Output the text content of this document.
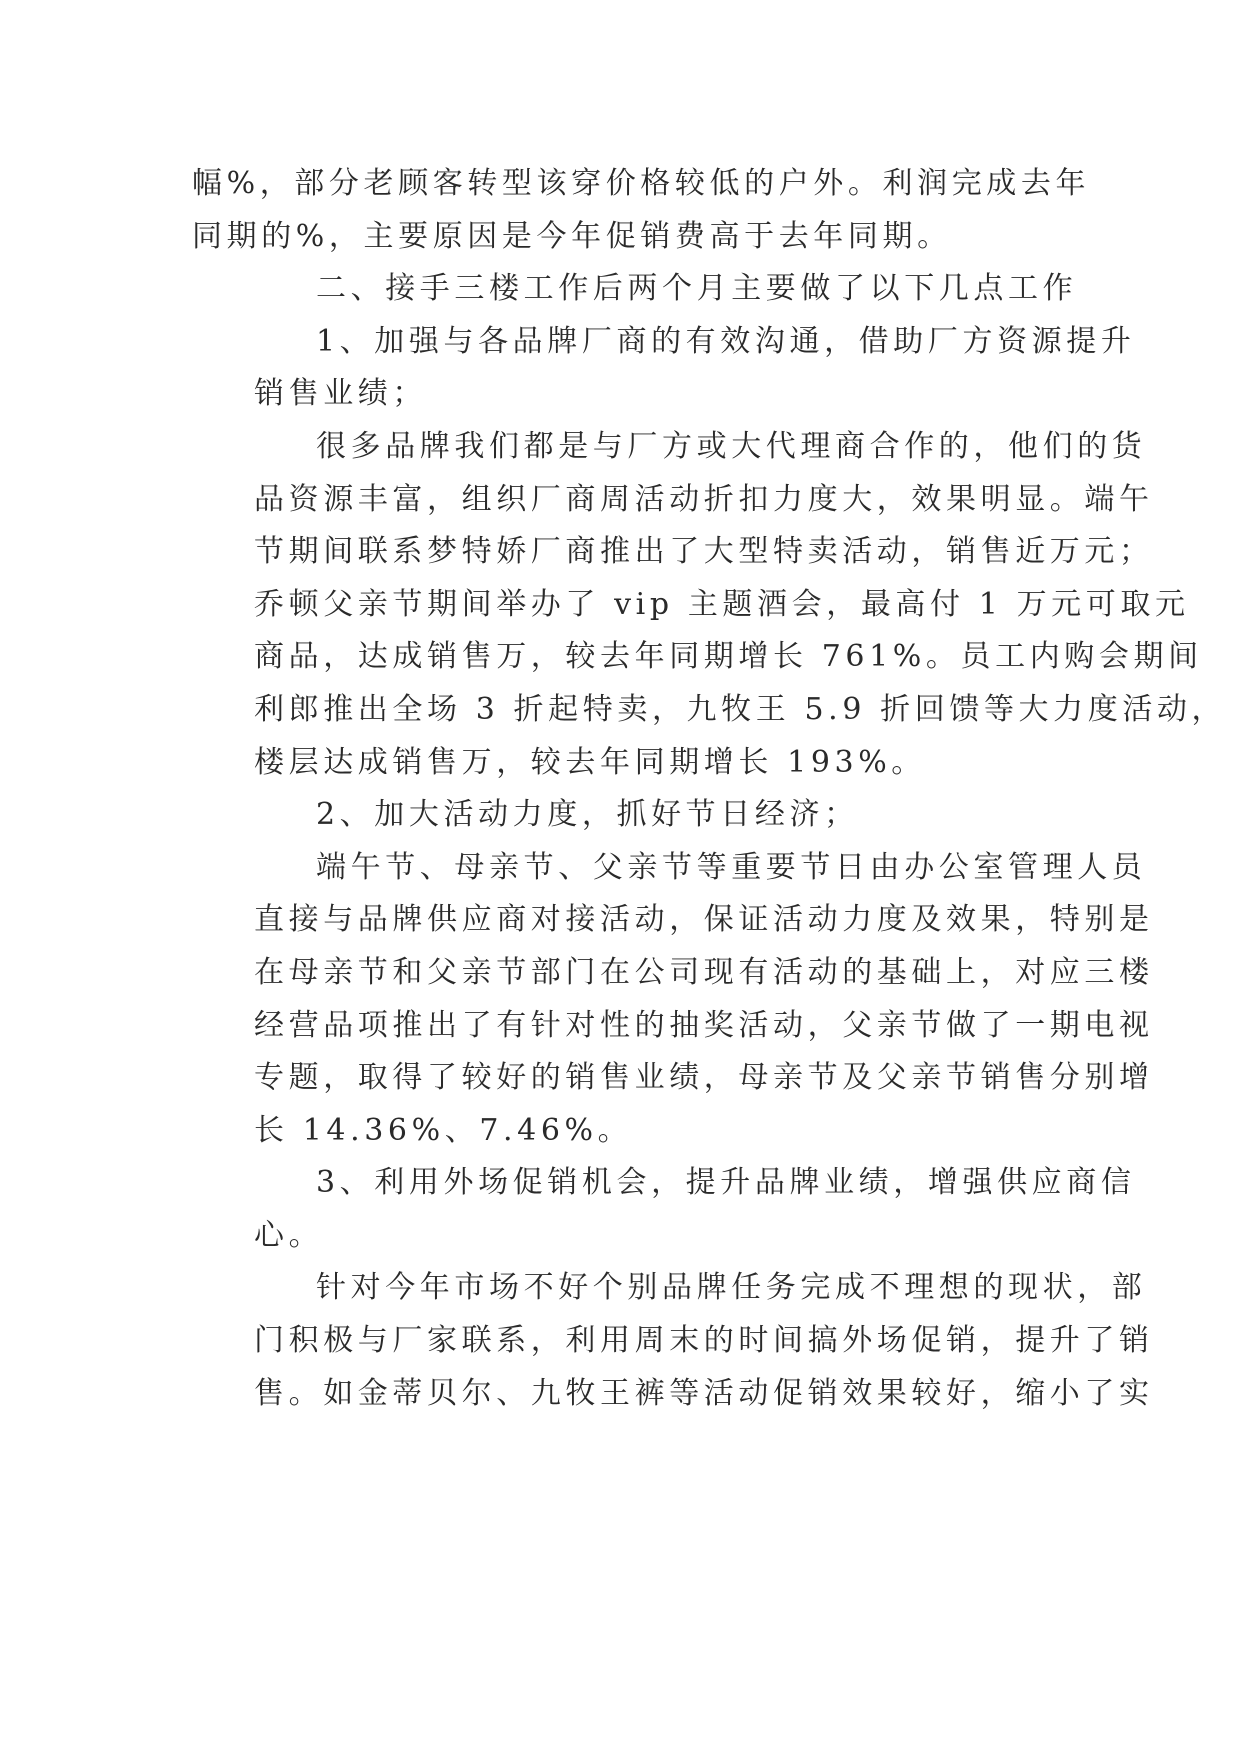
幅%，部分老顾客转型该穿价格较低的户外。利润完成去年
同期的%，主要原因是今年促销费高于去年同期。
二、接手三楼工作后两个月主要做了以下几点工作
1、加强与各品牌厂商的有效沟通，借助厂方资源提升
销售业绩；
很多品牌我们都是与厂方或大代理商合作的，他们的货
品资源丰富，组织厂商周活动折扣力度大，效果明显。端午
节期间联系梦特娇厂商推出了大型特卖活动，销售近万元；
乔顿父亲节期间举办了 vip 主题酒会，最高付 1 万元可取元
商品，达成销售万，较去年同期增长 761%。员工内购会期间
利郎推出全场 3 折起特卖，九牧王 5.9 折回馈等大力度活动，
楼层达成销售万，较去年同期增长 193%。
2、加大活动力度，抓好节日经济；
端午节、母亲节、父亲节等重要节日由办公室管理人员
直接与品牌供应商对接活动，保证活动力度及效果，特别是
在母亲节和父亲节部门在公司现有活动的基础上，对应三楼
经营品项推出了有针对性的抽奖活动，父亲节做了一期电视
专题，取得了较好的销售业绩，母亲节及父亲节销售分别增
长 14.36%、7.46%。
3、利用外场促销机会，提升品牌业绩，增强供应商信
心。
针对今年市场不好个别品牌任务完成不理想的现状，部
门积极与厂家联系，利用周末的时间搞外场促销，提升了销
售。如金蒂贝尔、九牧王裤等活动促销效果较好，缩小了实
